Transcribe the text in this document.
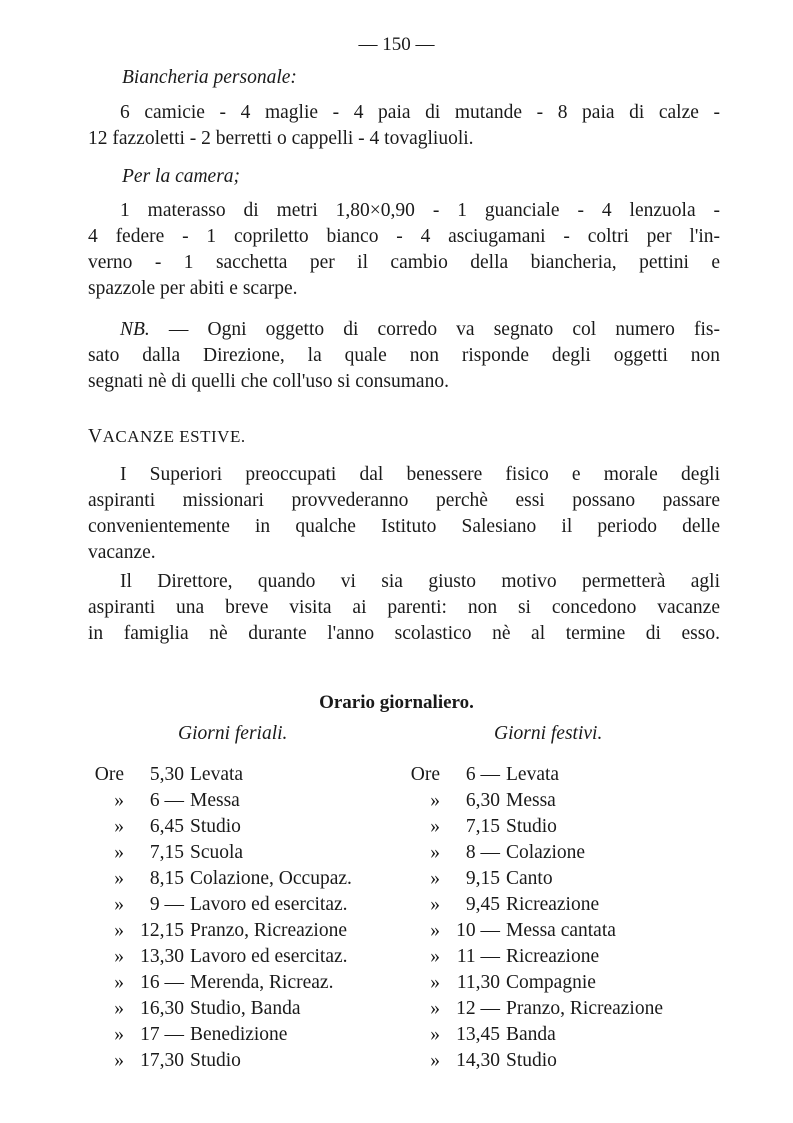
— 150 —
Biancheria personale:
6 camicie - 4 maglie - 4 paia di mutande - 8 paia di calze -
12 fazzoletti - 2 berretti o cappelli - 4 tovagliuoli.
Per la camera;
1 materasso di metri 1,80×0,90 - 1 guanciale - 4 lenzuola -
4 federe - 1 copriletto bianco - 4 asciugamani - coltri per l'in-
verno - 1 sacchetta per il cambio della biancheria, pettini e
spazzole per abiti e scarpe.
NB. — Ogni oggetto di corredo va segnato col numero fis-
sato dalla Direzione, la quale non risponde degli oggetti non
segnati nè di quelli che coll'uso si consumano.
VACANZE ESTIVE.
I Superiori preoccupati dal benessere fisico e morale degli
aspiranti missionari provvederanno perchè essi possano passare
convenientemente in qualche Istituto Salesiano il periodo delle
vacanze.
Il Direttore, quando vi sia giusto motivo permetterà agli
aspiranti una breve visita ai parenti: non si concedono vacanze
in famiglia nè durante l'anno scolastico nè al termine di esso.
Orario giornaliero.
Giorni feriali.	Giorni festivi.
Ore	5,30 Levata
»	6 — Messa
»	6,45 Studio
»	7,15 Scuola
»	8,15 Colazione, Occupaz.
»	9 — Lavoro ed esercitaz.
» 12,15 Pranzo, Ricreazione
» 13,30 Lavoro ed esercitaz.
» 16 — Merenda, Ricreaz.
» 16,30 Studio, Banda
» 17 — Benedizione
» 17,30 Studio
Ore	6 — Levata
»	6,30 Messa
»	7,15 Studio
»	8 — Colazione
»	9,15 Canto
»	9,45 Ricreazione
» 10 — Messa cantata
» 11 — Ricreazione
» 11,30 Compagnie
» 12 — Pranzo, Ricreazione
» 13,45 Banda
» 14,30 Studio
